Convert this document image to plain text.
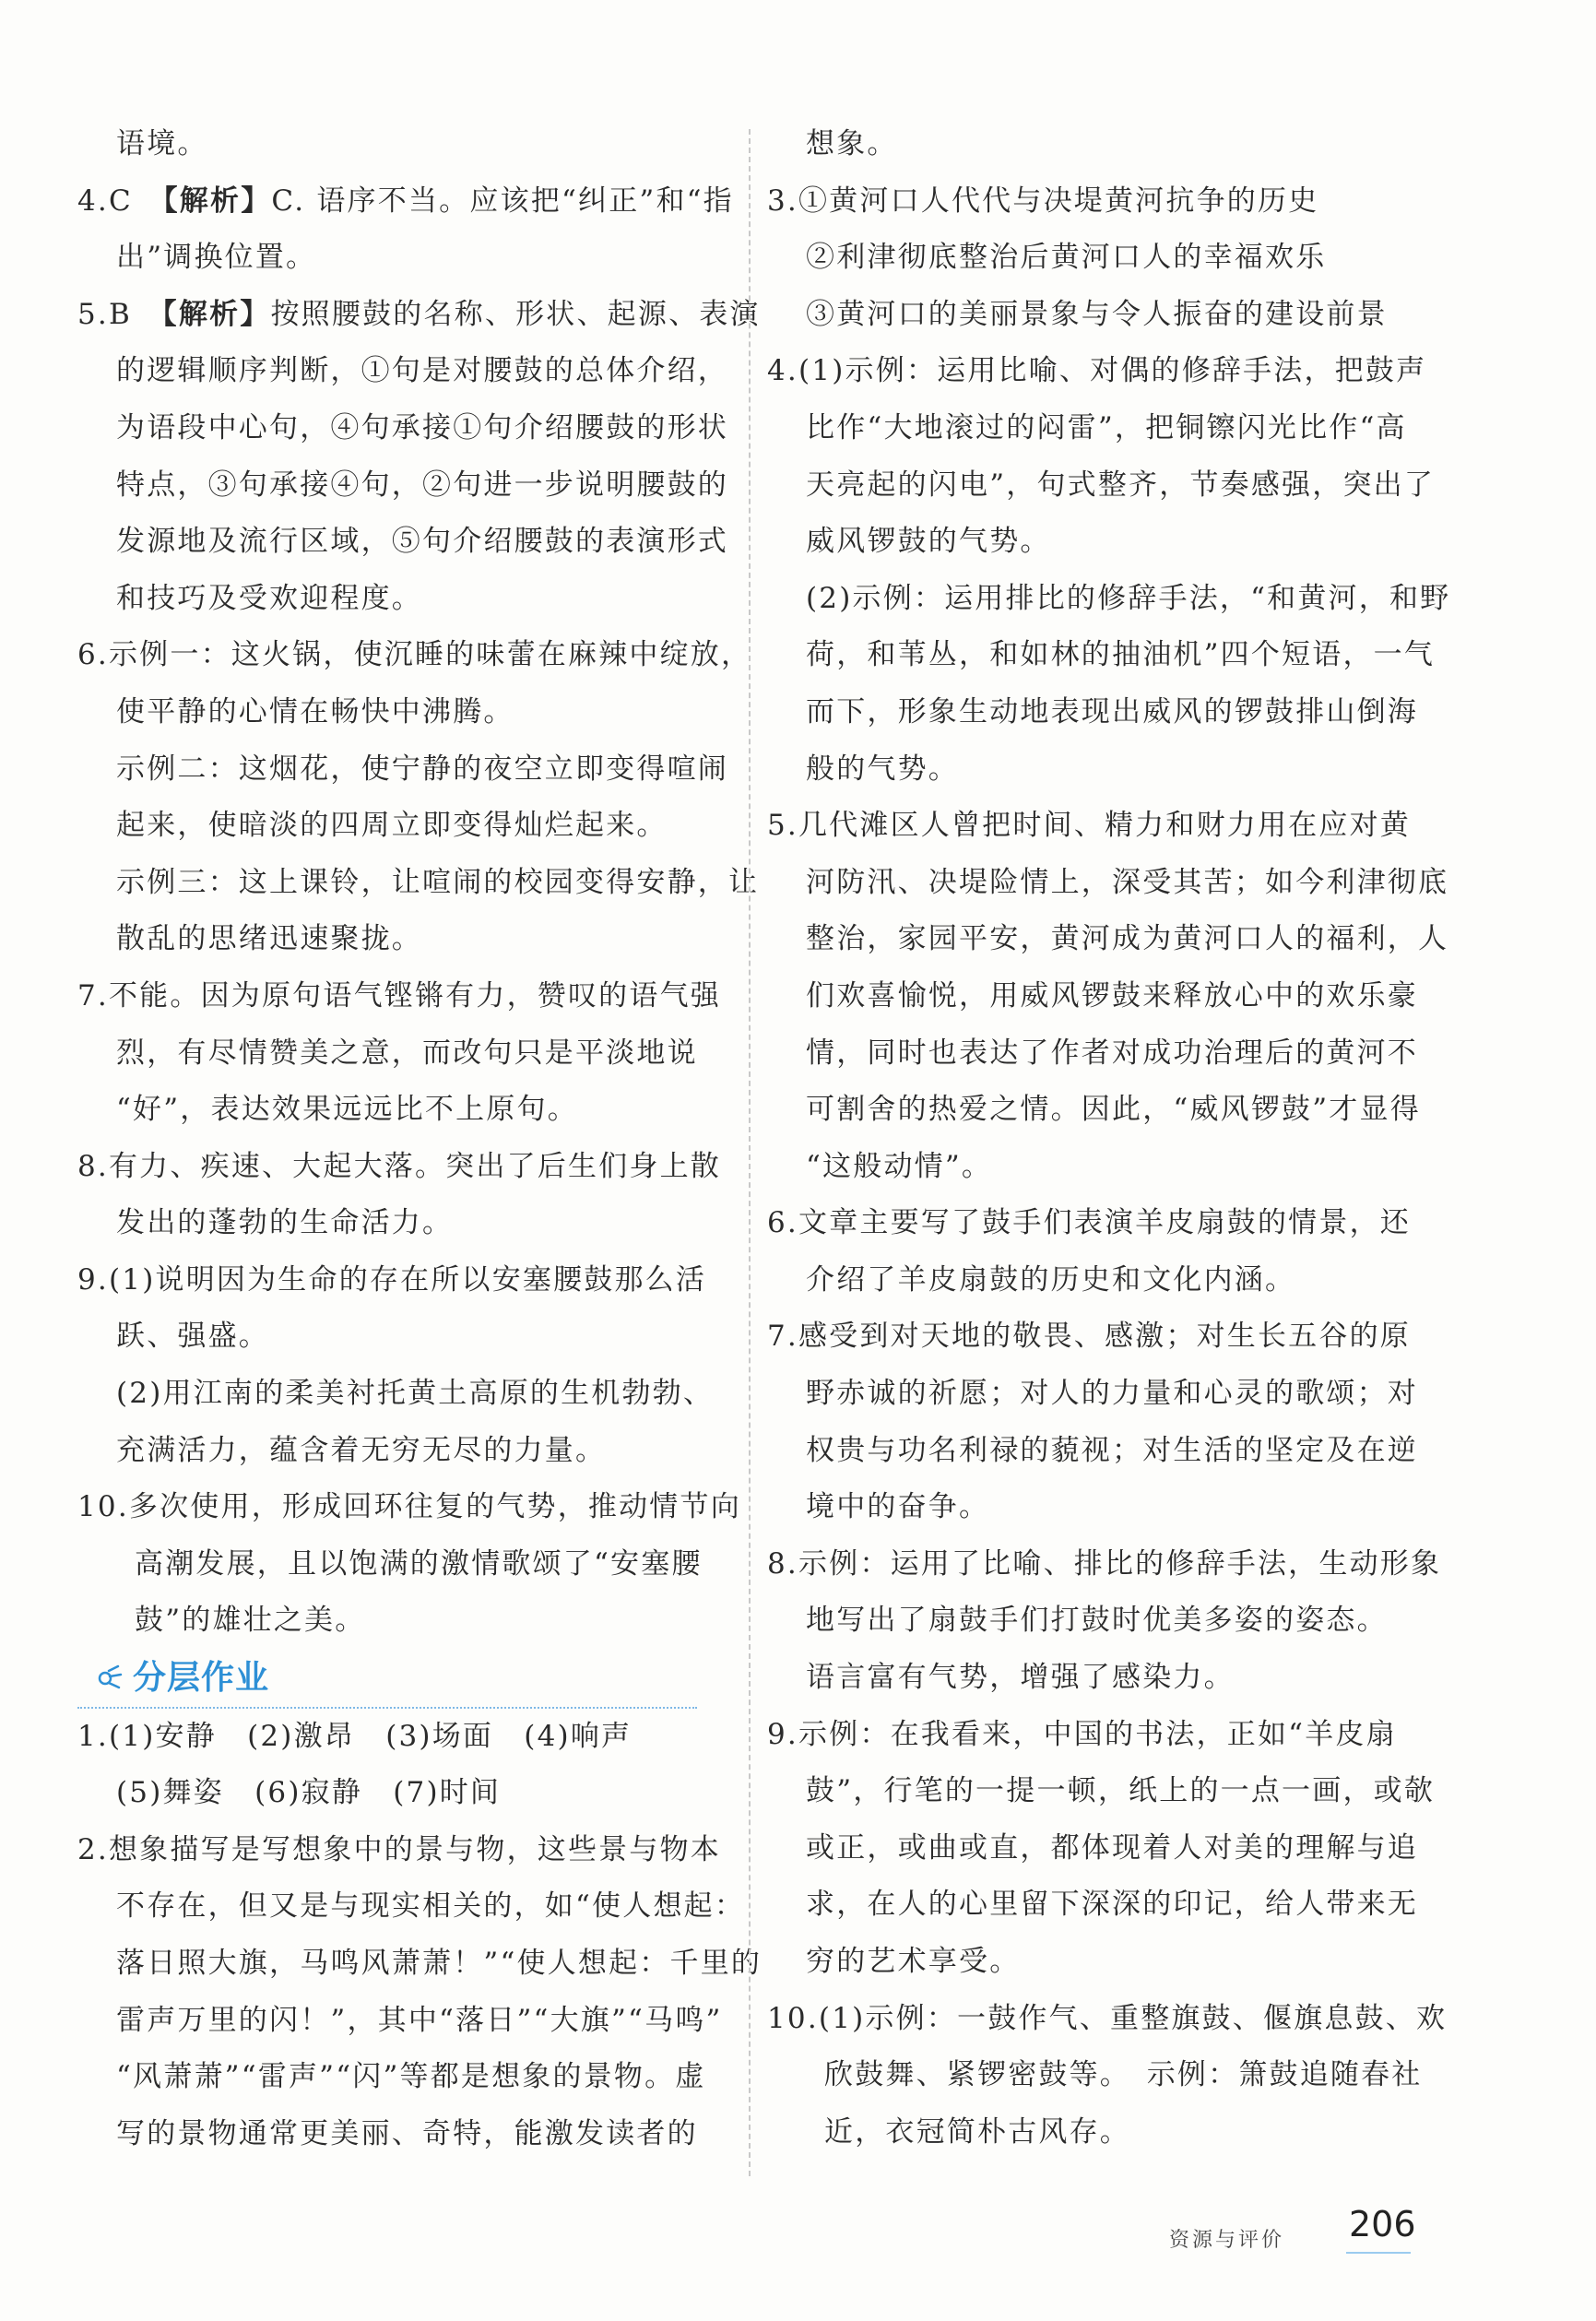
语境。
4.C　【解析】C. 语序不当。应该把“纠正”和“指
出”调换位置。
5.B　【解析】按照腰鼓的名称、形状、起源、表演
的逻辑顺序判断，①句是对腰鼓的总体介绍，
为语段中心句，④句承接①句介绍腰鼓的形状
特点，③句承接④句，②句进一步说明腰鼓的
发源地及流行区域，⑤句介绍腰鼓的表演形式
和技巧及受欢迎程度。
6.示例一：这火锅，使沉睡的味蕾在麻辣中绽放，
使平静的心情在畅快中沸腾。
示例二：这烟花，使宁静的夜空立即变得喧闹
起来，使暗淡的四周立即变得灿烂起来。
示例三：这上课铃，让喧闹的校园变得安静，让
散乱的思绪迅速聚拢。
7.不能。因为原句语气铿锵有力，赞叹的语气强
烈，有尽情赞美之意，而改句只是平淡地说
“好”，表达效果远远比不上原句。
8.有力、疾速、大起大落。突出了后生们身上散
发出的蓬勃的生命活力。
9.(1)说明因为生命的存在所以安塞腰鼓那么活
跃、强盛。
(2)用江南的柔美衬托黄土高原的生机勃勃、
充满活力，蕴含着无穷无尽的力量。
10.多次使用，形成回环往复的气势，推动情节向
高潮发展，且以饱满的激情歌颂了“安塞腰
鼓”的雄壮之美。
分层作业
1.(1)安静　(2)激昂　(3)场面　(4)响声
(5)舞姿　(6)寂静　(7)时间
2.想象描写是写想象中的景与物，这些景与物本
不存在，但又是与现实相关的，如“使人想起：
落日照大旗，马鸣风萧萧！”“使人想起：千里的
雷声万里的闪！”，其中“落日”“大旗”“马鸣”
“风萧萧”“雷声”“闪”等都是想象的景物。虚
写的景物通常更美丽、奇特，能激发读者的
想象。
3.①黄河口人代代与决堤黄河抗争的历史
②利津彻底整治后黄河口人的幸福欢乐
③黄河口的美丽景象与令人振奋的建设前景
4.(1)示例：运用比喻、对偶的修辞手法，把鼓声
比作“大地滚过的闷雷”，把铜镲闪光比作“高
天亮起的闪电”，句式整齐，节奏感强，突出了
威风锣鼓的气势。
(2)示例：运用排比的修辞手法，“和黄河，和野
荷，和苇丛，和如林的抽油机”四个短语，一气
而下，形象生动地表现出威风的锣鼓排山倒海
般的气势。
5.几代滩区人曾把时间、精力和财力用在应对黄
河防汛、决堤险情上，深受其苦；如今利津彻底
整治，家园平安，黄河成为黄河口人的福利，人
们欢喜愉悦，用威风锣鼓来释放心中的欢乐豪
情，同时也表达了作者对成功治理后的黄河不
可割舍的热爱之情。因此，“威风锣鼓”才显得
“这般动情”。
6.文章主要写了鼓手们表演羊皮扇鼓的情景，还
介绍了羊皮扇鼓的历史和文化内涵。
7.感受到对天地的敬畏、感激；对生长五谷的原
野赤诚的祈愿；对人的力量和心灵的歌颂；对
权贵与功名利禄的藐视；对生活的坚定及在逆
境中的奋争。
8.示例：运用了比喻、排比的修辞手法，生动形象
地写出了扇鼓手们打鼓时优美多姿的姿态。
语言富有气势，增强了感染力。
9.示例：在我看来，中国的书法，正如“羊皮扇
鼓”，行笔的一提一顿，纸上的一点一画，或欹
或正，或曲或直，都体现着人对美的理解与追
求，在人的心里留下深深的印记，给人带来无
穷的艺术享受。
10.(1)示例：一鼓作气、重整旗鼓、偃旗息鼓、欢
欣鼓舞、紧锣密鼓等。　示例：箫鼓追随春社
近，衣冠简朴古风存。
资源与评价 206
